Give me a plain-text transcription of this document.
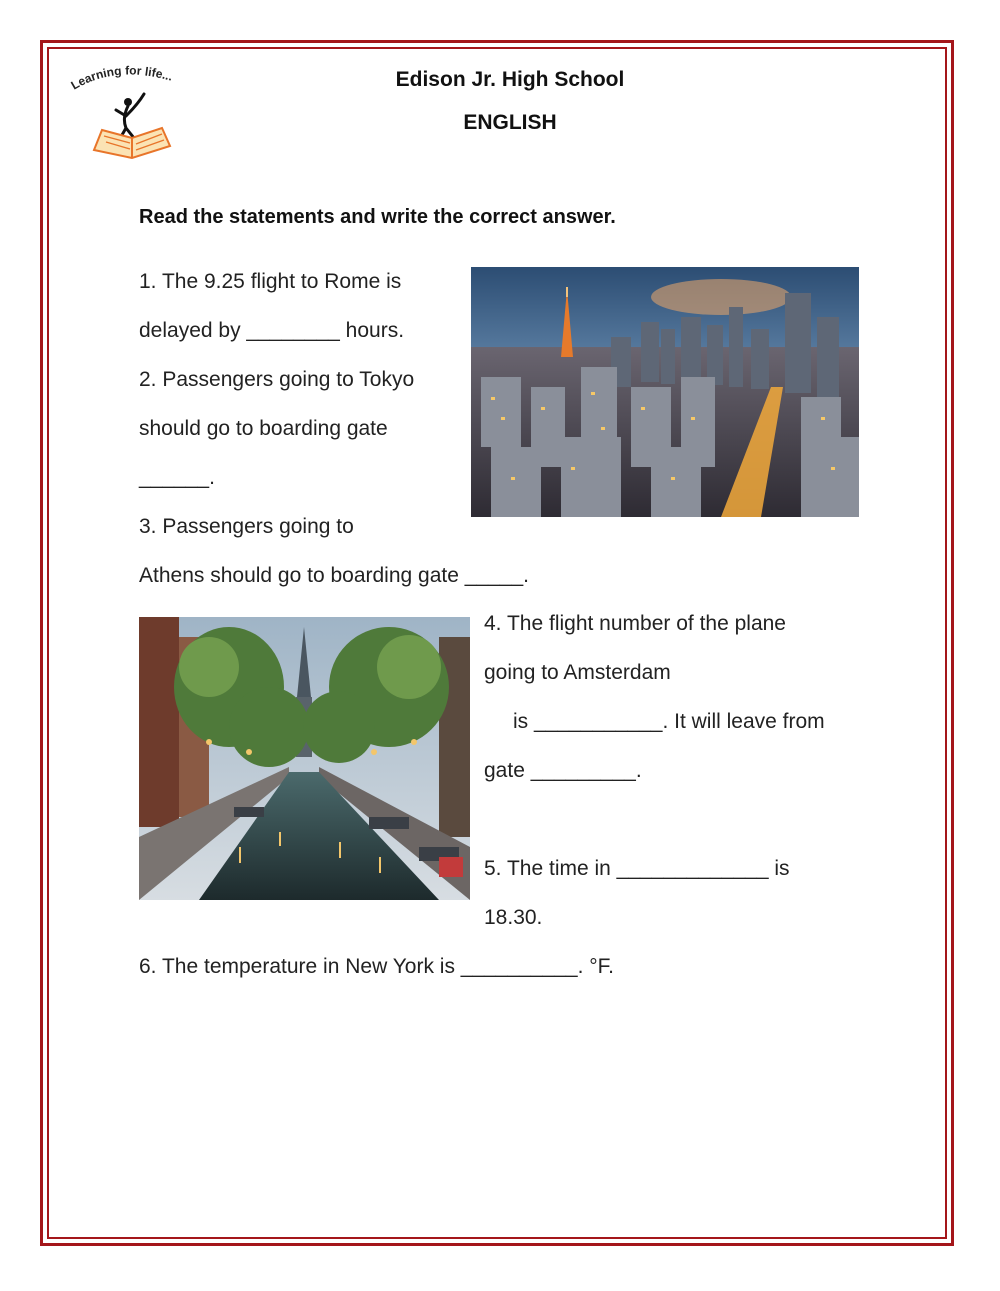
Learning for life...	Edison Jr. High School
ENGLISH
Read the statements and write the correct answer.
1. The 9.25 flight to Rome is
delayed by ________ hours.
2. Passengers going to Tokyo
should go to boarding gate
______.
3. Passengers going to
Athens should go to boarding gate _____.
4. The flight number of the plane
going to Amsterdam
is ___________. It will leave from
gate _________.
5. The time in _____________ is
18.30.
6. The temperature in New York is __________. °F.
